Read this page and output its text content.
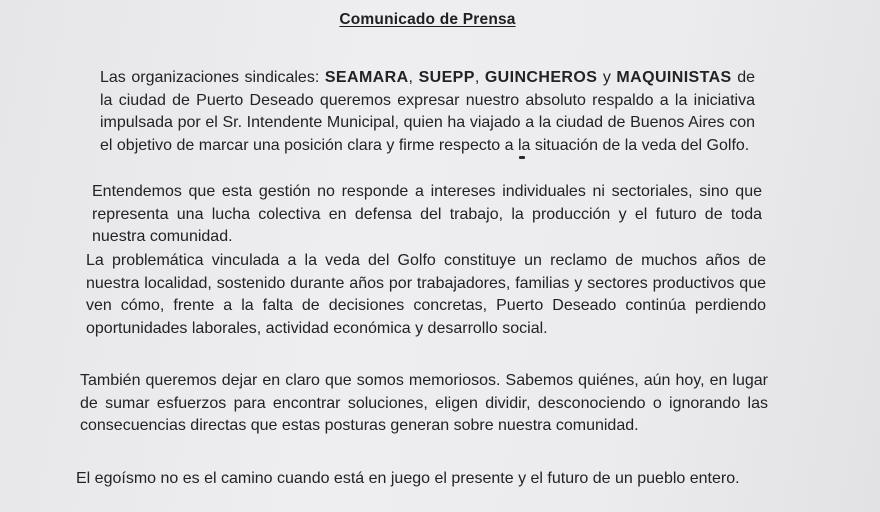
Comunicado de Prensa
Las organizaciones sindicales: SEAMARA, SUEPP, GUINCHEROS y MAQUINISTAS de la ciudad de Puerto Deseado queremos expresar nuestro absoluto respaldo a la iniciativa impulsada por el Sr. Intendente Municipal, quien ha viajado a la ciudad de Buenos Aires con el objetivo de marcar una posición clara y firme respecto a la situación de la veda del Golfo.
Entendemos que esta gestión no responde a intereses individuales ni sectoriales, sino que representa una lucha colectiva en defensa del trabajo, la producción y el futuro de toda nuestra comunidad.
La problemática vinculada a la veda del Golfo constituye un reclamo de muchos años de nuestra localidad, sostenido durante años por trabajadores, familias y sectores productivos que ven cómo, frente a la falta de decisiones concretas, Puerto Deseado continúa perdiendo oportunidades laborales, actividad económica y desarrollo social.
También queremos dejar en claro que somos memoriosos. Sabemos quiénes, aún hoy, en lugar de sumar esfuerzos para encontrar soluciones, eligen dividir, desconociendo o ignorando las consecuencias directas que estas posturas generan sobre nuestra comunidad.
El egoísmo no es el camino cuando está en juego el presente y el futuro de un pueblo entero.
